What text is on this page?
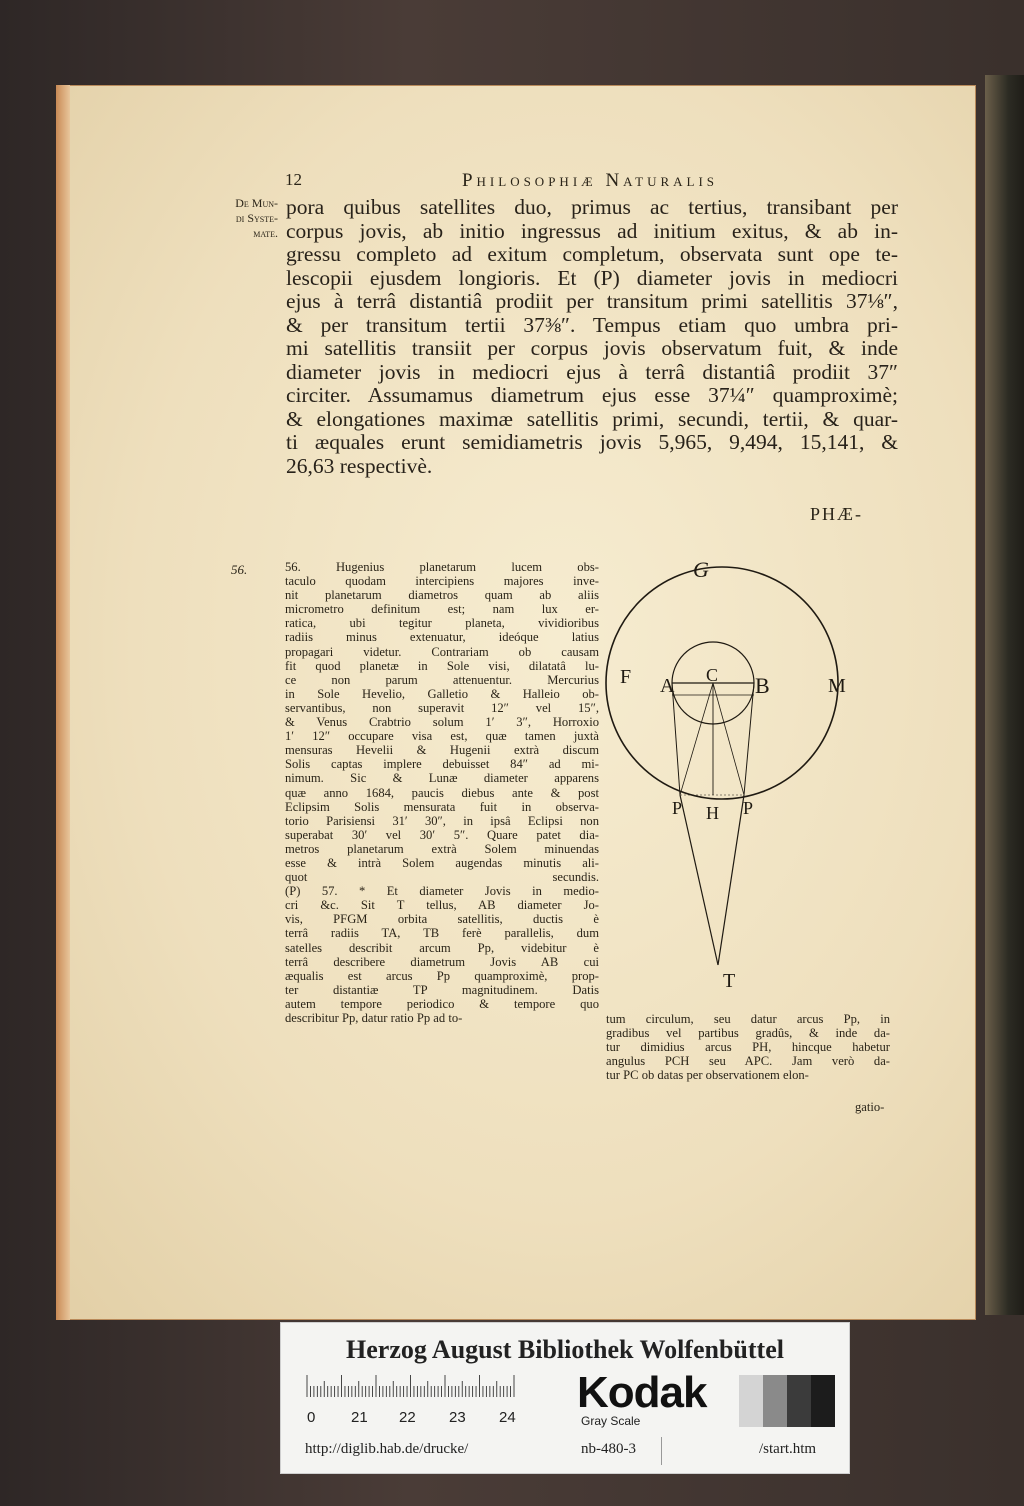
12	Philosophiæ Naturalis
De Mun-
di Syste-
mate.
pora quibus satellites duo, primus ac tertius, transibant per
corpus jovis, ab initio ingressus ad initium exitus, & ab in-
gressu completo ad exitum completum, observata sunt ope te-
lescopii ejusdem longioris. Et (P) diameter jovis in mediocri
ejus à terrâ distantiâ prodiit per transitum primi satellitis 37⅛″,
& per transitum tertii 37⅜″. Tempus etiam quo umbra pri-
mi satellitis transiit per corpus jovis observatum fuit, & inde
diameter jovis in mediocri ejus à terrâ distantiâ prodiit 37″
circiter. Assumamus diametrum ejus esse 37¼″ quamproximè;
& elongationes maximæ satellitis primi, secundi, tertii, & quar-
ti æquales erunt semidiametris jovis 5,965, 9,494, 15,141, &
26,63 respectivè.
PHÆ-
56.	56. Hugenius planetarum lucem obs-
taculo quodam intercipiens majores inve-
nit planetarum diametros quam ab aliis
micrometro definitum est; nam lux er-
ratica, ubi tegitur planeta, vividioribus
radiis minus extenuatur, ideóque latius
propagari videtur. Contrariam ob causam
fit quod planetæ in Sole visi, dilatatâ lu-
ce non parum attenuentur. Mercurius
in Sole Hevelio, Galletio & Halleio ob-
servantibus, non superavit 12″ vel 15″,
& Venus Crabtrio solum 1′ 3″, Horroxio
1′ 12″ occupare visa est, quæ tamen juxtà
mensuras Hevelii & Hugenii extrà discum
Solis captas implere debuisset 84″ ad mi-
nimum. Sic & Lunæ diameter apparens
quæ anno 1684, paucis diebus ante & post
Eclipsim Solis mensurata fuit in observa-
torio Parisiensi 31′ 30″, in ipsâ Eclipsi non
superabat 30′ vel 30′ 5″. Quare patet dia-
metros planetarum extrà Solem minuendas
esse & intrà Solem augendas minutis ali-
quot secundis.
(P) 57. * Et diameter Jovis in medio-
cri &c. Sit T tellus, AB diameter Jo-
vis, PFGM orbita satellitis, ductis è
terrâ radiis TA, TB ferè parallelis, dum
satelles describit arcum Pp, videbitur è
terrâ describere diametrum Jovis AB cui
æqualis est arcus Pp quamproximè, prop-
ter distantiæ TP magnitudinem. Datis
autem tempore periodico & tempore quo
describitur Pp, datur ratio Pp ad to-	tum circulum, seu datur arcus Pp, in
gradibus vel partibus gradûs, & inde da-
tur dimidius arcus PH, hincque habetur
angulus PCH seu APC. Jam verò da-
tur PC ob datas per observationem elon-
gatio-
G
F A C B	M
P H P
T
Herzog August Bibliothek Wolfenbüttel
0 21 22 23 24
Kodak
Gray Scale
http://diglib.hab.de/drucke/	nb-480-3	/start.htm
